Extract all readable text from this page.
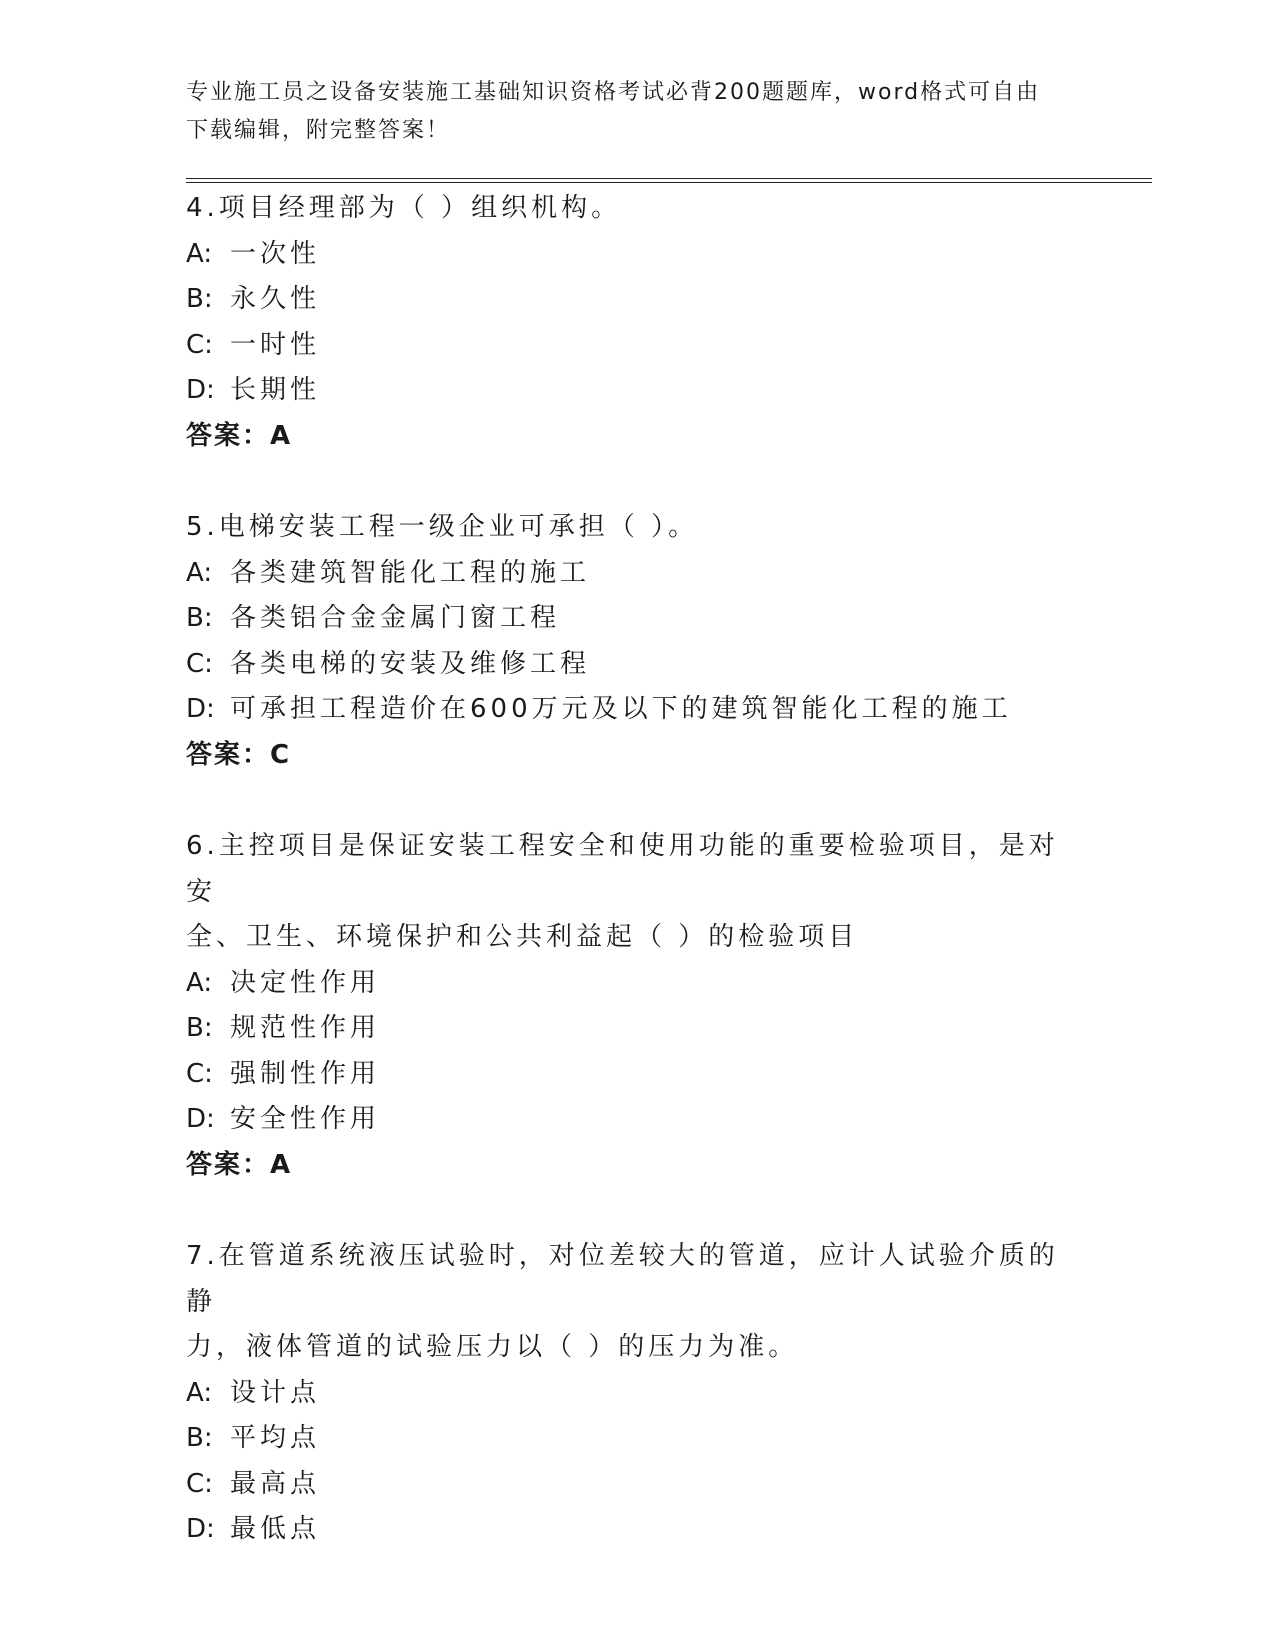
专业施工员之设备安装施工基础知识资格考试必背200题题库，word格式可自由
下载编辑，附完整答案！
4.项目经理部为（ ）组织机构。
A: 一次性
B: 永久性
C: 一时性
D: 长期性
答案：A
5.电梯安装工程一级企业可承担（ ）。
A: 各类建筑智能化工程的施工
B: 各类铝合金金属门窗工程
C: 各类电梯的安装及维修工程
D: 可承担工程造价在600万元及以下的建筑智能化工程的施工
答案：C
6.主控项目是保证安装工程安全和使用功能的重要检验项目，是对安
全、卫生、环境保护和公共利益起（ ）的检验项目
A: 决定性作用
B: 规范性作用
C: 强制性作用
D: 安全性作用
答案：A
7.在管道系统液压试验时，对位差较大的管道，应计人试验介质的静
力，液体管道的试验压力以（ ）的压力为准。
A: 设计点
B: 平均点
C: 最高点
D: 最低点
